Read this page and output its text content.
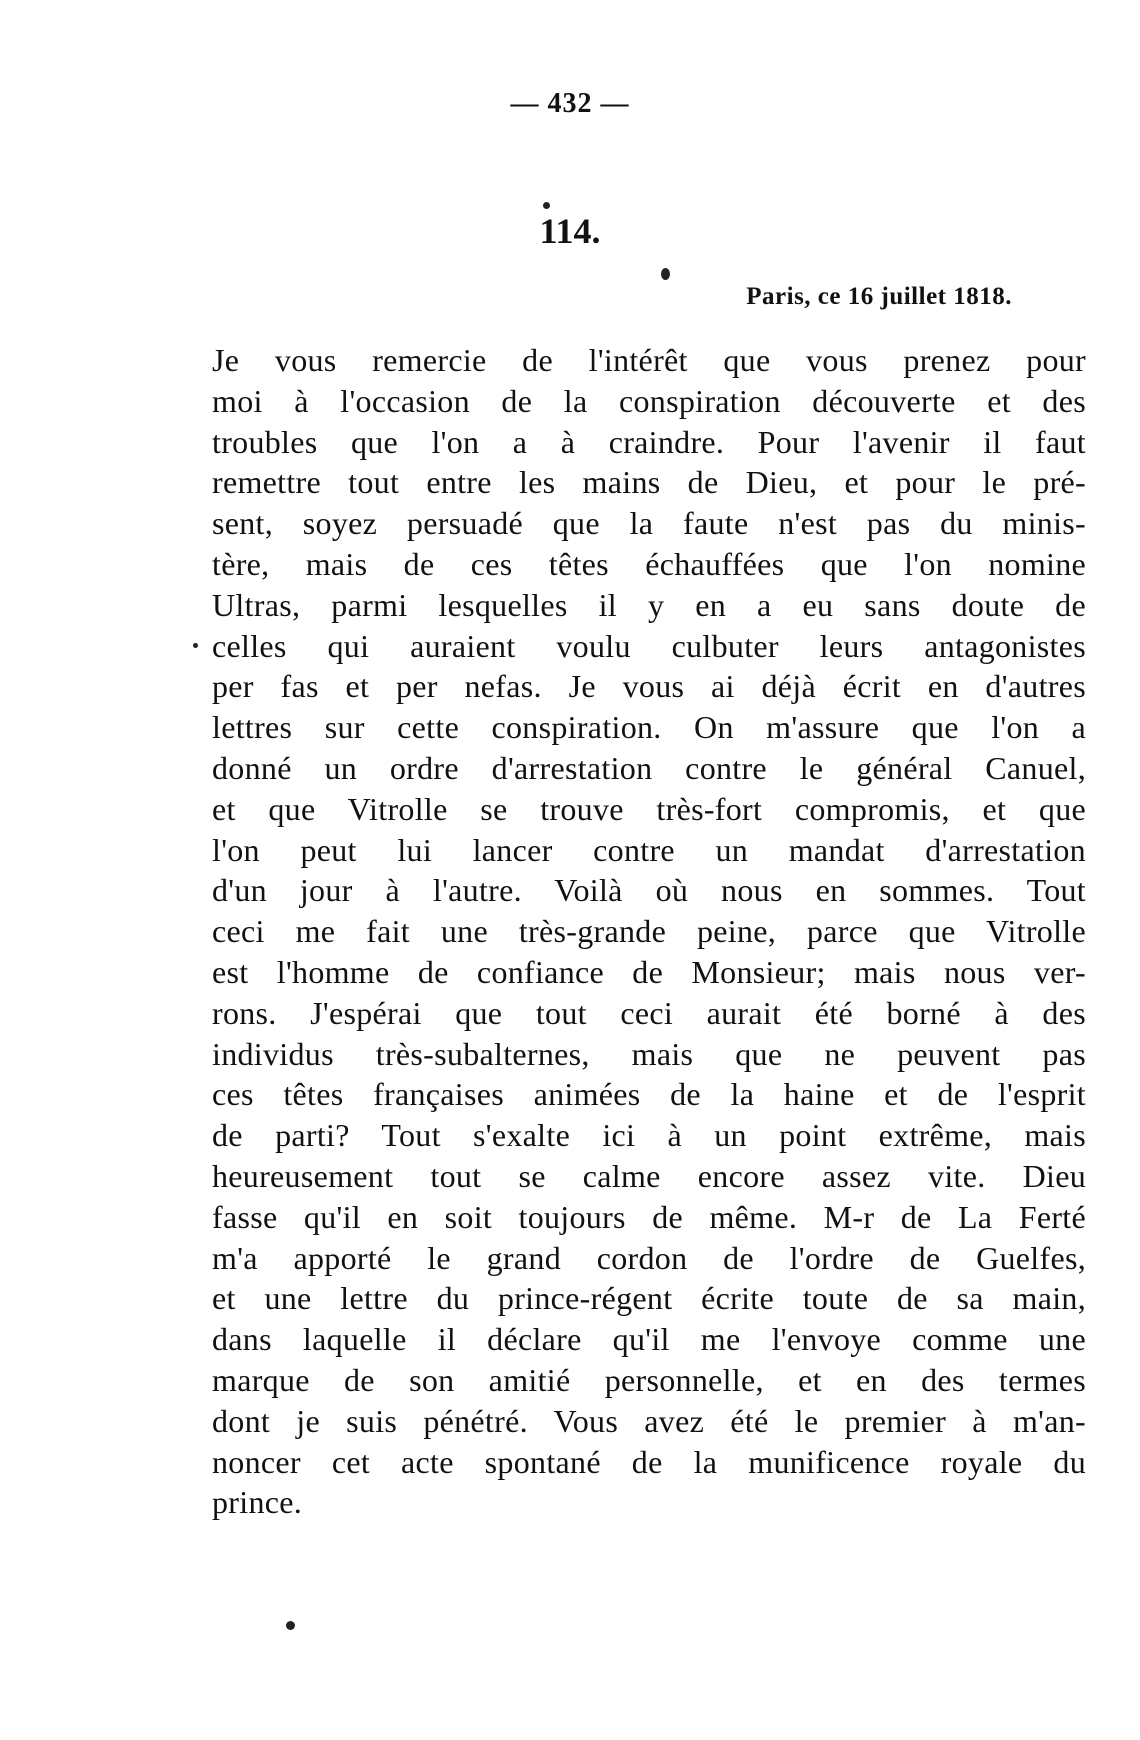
— 432 —
114.
Paris, ce 16 juillet 1818.
Je vous remercie de l'intérêt que vous prenez pour
moi à l'occasion de la conspiration découverte et des
troubles que l'on a à craindre. Pour l'avenir il faut
remettre tout entre les mains de Dieu, et pour le pré-
sent, soyez persuadé que la faute n'est pas du minis-
tère, mais de ces têtes échauffées que l'on nomine
Ultras, parmi lesquelles il y en a eu sans doute de
celles qui auraient voulu culbuter leurs antagonistes
per fas et per nefas. Je vous ai déjà écrit en d'autres
lettres sur cette conspiration. On m'assure que l'on a
donné un ordre d'arrestation contre le général Canuel,
et que Vitrolle se trouve très-fort compromis, et que
l'on peut lui lancer contre un mandat d'arrestation
d'un jour à l'autre. Voilà où nous en sommes. Tout
ceci me fait une très-grande peine, parce que Vitrolle
est l'homme de confiance de Monsieur; mais nous ver-
rons. J'espérai que tout ceci aurait été borné à des
individus très-subalternes, mais que ne peuvent pas
ces têtes françaises animées de la haine et de l'esprit
de parti? Tout s'exalte ici à un point extrême, mais
heureusement tout se calme encore assez vite. Dieu
fasse qu'il en soit toujours de même. M-r de La Ferté
m'a apporté le grand cordon de l'ordre de Guelfes,
et une lettre du prince-régent écrite toute de sa main,
dans laquelle il déclare qu'il me l'envoye comme une
marque de son amitié personnelle, et en des termes
dont je suis pénétré. Vous avez été le premier à m'an-
noncer cet acte spontané de la munificence royale du
prince.
